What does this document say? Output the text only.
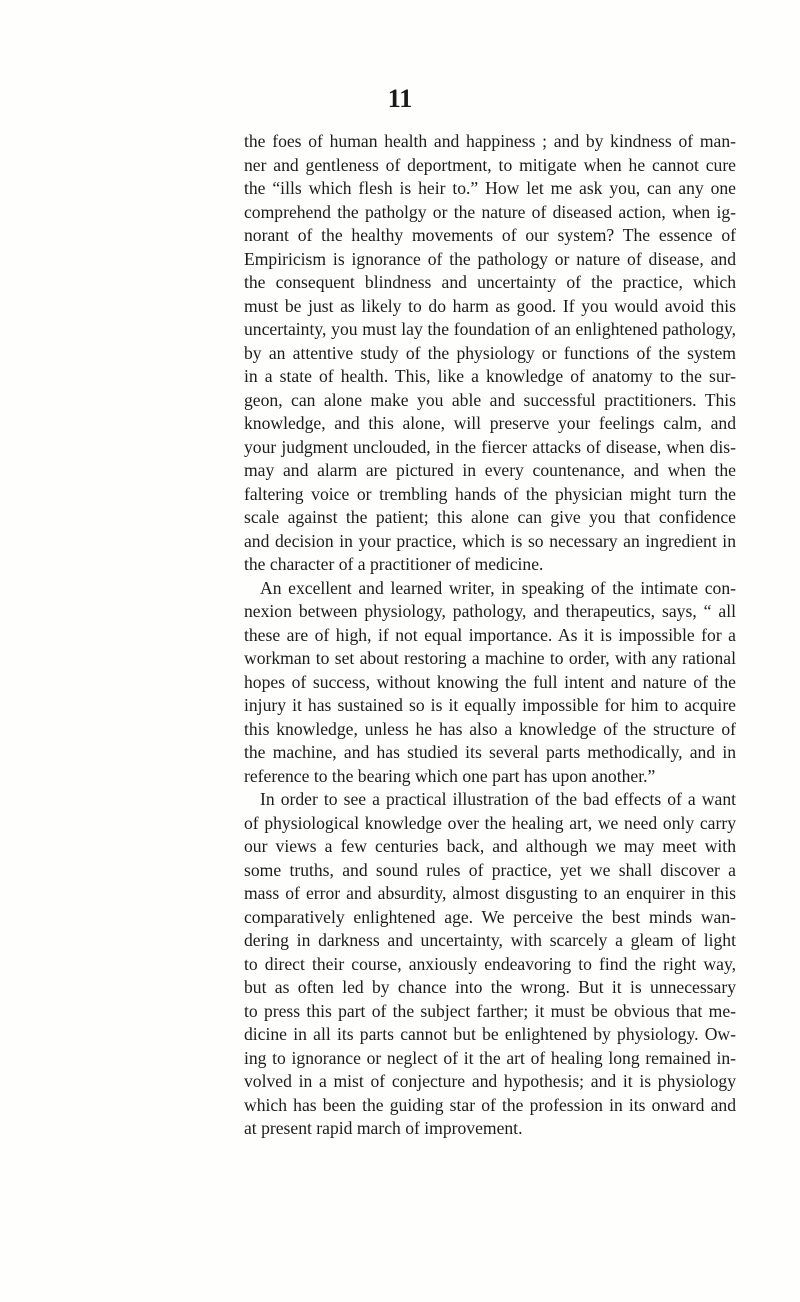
11
the foes of human health and happiness ; and by kindness of man-
ner and gentleness of deportment, to mitigate when he cannot cure
the “ills which flesh is heir to.” How let me ask you, can any one
comprehend the patholgy or the nature of diseased action, when ig-
norant of the healthy movements of our system? The essence of
Empiricism is ignorance of the pathology or nature of disease, and
the consequent blindness and uncertainty of the practice, which
must be just as likely to do harm as good. If you would avoid this
uncertainty, you must lay the foundation of an enlightened pathology,
by an attentive study of the physiology or functions of the system
in a state of health. This, like a knowledge of anatomy to the sur-
geon, can alone make you able and successful practitioners. This
knowledge, and this alone, will preserve your feelings calm, and
your judgment unclouded, in the fiercer attacks of disease, when dis-
may and alarm are pictured in every countenance, and when the
faltering voice or trembling hands of the physician might turn the
scale against the patient; this alone can give you that confidence
and decision in your practice, which is so necessary an ingredient in
the character of a practitioner of medicine.
An excellent and learned writer, in speaking of the intimate con-
nexion between physiology, pathology, and therapeutics, says, “ all
these are of high, if not equal importance. As it is impossible for a
workman to set about restoring a machine to order, with any rational
hopes of success, without knowing the full intent and nature of the
injury it has sustained so is it equally impossible for him to acquire
this knowledge, unless he has also a knowledge of the structure of
the machine, and has studied its several parts methodically, and in
reference to the bearing which one part has upon another.”
In order to see a practical illustration of the bad effects of a want
of physiological knowledge over the healing art, we need only carry
our views a few centuries back, and although we may meet with
some truths, and sound rules of practice, yet we shall discover a
mass of error and absurdity, almost disgusting to an enquirer in this
comparatively enlightened age. We perceive the best minds wan-
dering in darkness and uncertainty, with scarcely a gleam of light
to direct their course, anxiously endeavoring to find the right way,
but as often led by chance into the wrong. But it is unnecessary
to press this part of the subject farther; it must be obvious that me-
dicine in all its parts cannot but be enlightened by physiology. Ow-
ing to ignorance or neglect of it the art of healing long remained in-
volved in a mist of conjecture and hypothesis; and it is physiology
which has been the guiding star of the profession in its onward and
at present rapid march of improvement.
